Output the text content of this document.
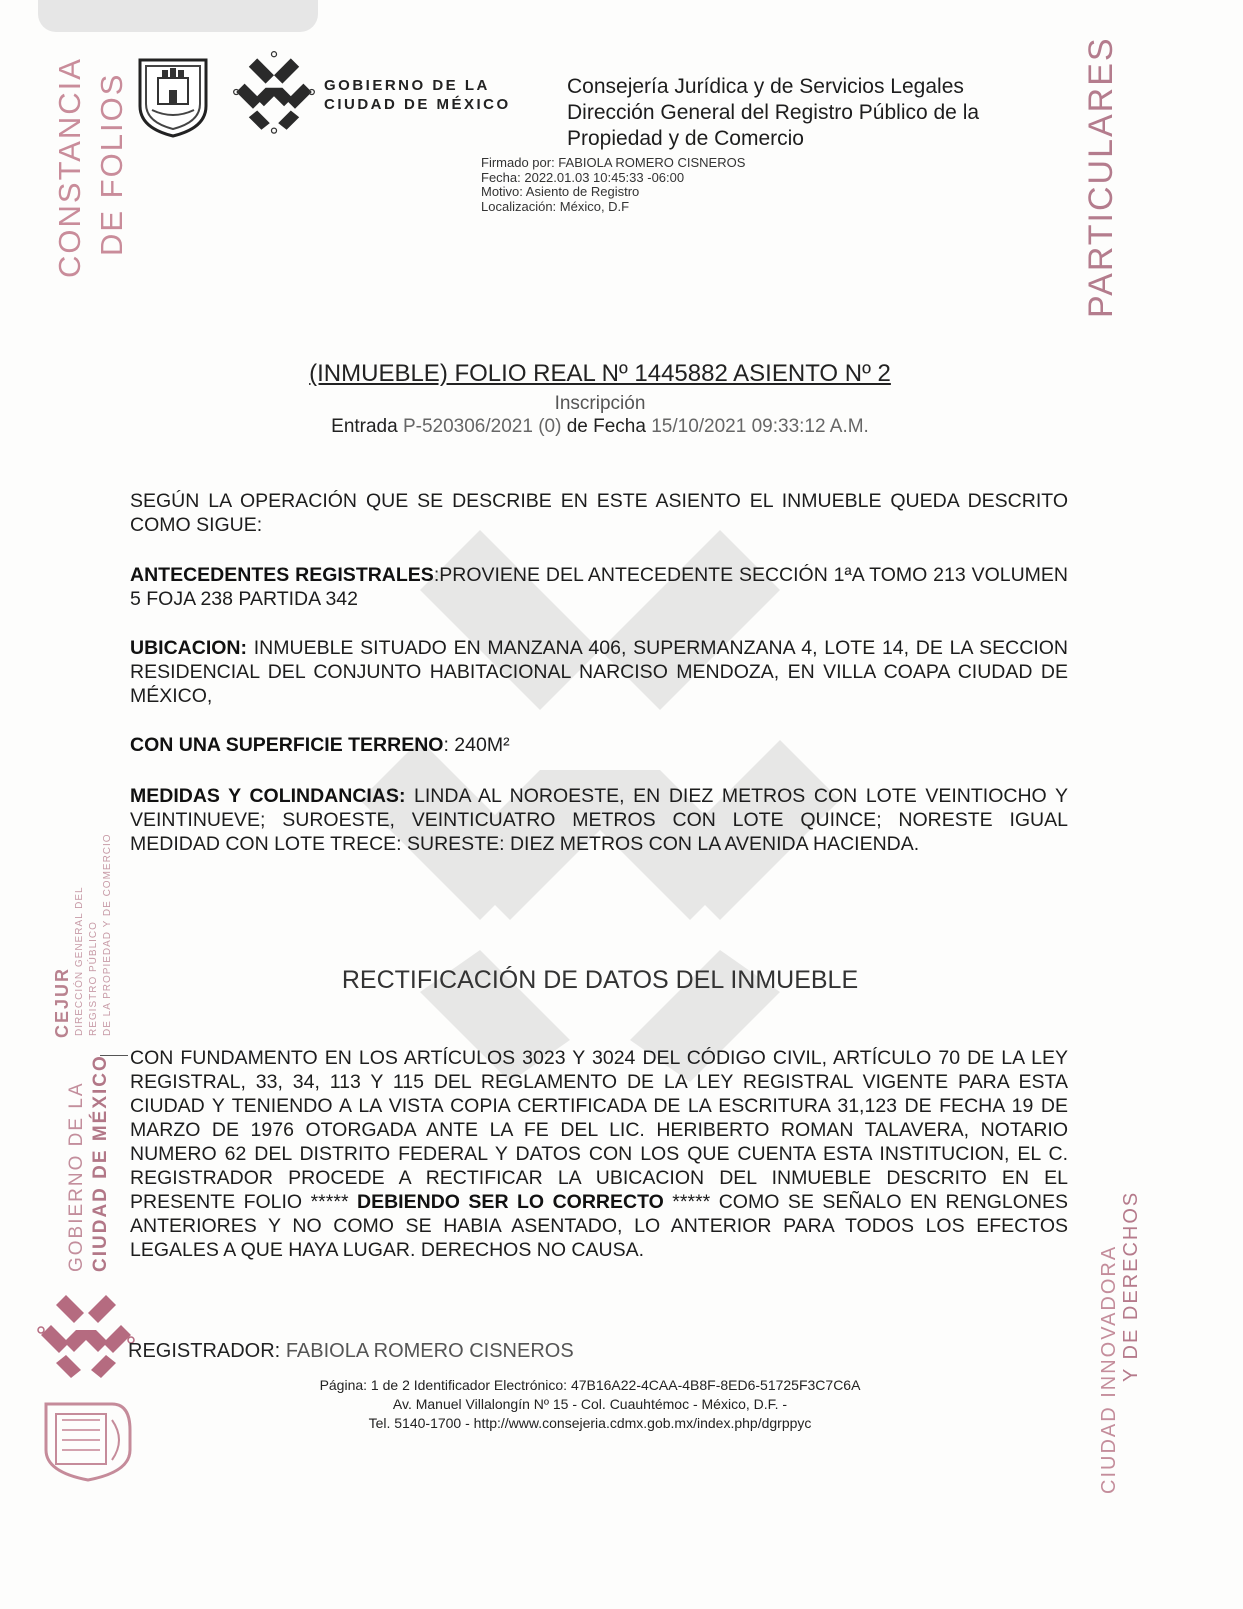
CONSTANCIA DE FOLIOS	PARTICULARES
CEJUR DIRECCIÓN GENERAL DEL REGISTRO PÚBLICO DE LA PROPIEDAD Y DE COMERCIO
GOBIERNO DE LA CIUDAD DE MÉXICO
CIUDAD INNOVADORA Y DE DERECHOS
GOBIERNO DE LA
CIUDAD DE MÉXICO
Consejería Jurídica y de Servicios Legales
Dirección General del Registro Público de la
Propiedad y de Comercio
Firmado por: FABIOLA ROMERO CISNEROS
Fecha: 2022.01.03 10:45:33 -06:00
Motivo: Asiento de Registro
Localización: México, D.F
(INMUEBLE) FOLIO REAL Nº 1445882 ASIENTO Nº 2
Inscripción
Entrada P-520306/2021 (0) de Fecha 15/10/2021 09:33:12 A.M.
SEGÚN LA OPERACIÓN QUE SE DESCRIBE EN ESTE ASIENTO EL INMUEBLE QUEDA DESCRITO COMO SIGUE:
ANTECEDENTES REGISTRALES:PROVIENE DEL ANTECEDENTE SECCIÓN 1ªA TOMO 213 VOLUMEN 5 FOJA 238 PARTIDA 342
UBICACION: INMUEBLE SITUADO EN MANZANA 406, SUPERMANZANA 4, LOTE 14, DE LA SECCION RESIDENCIAL DEL CONJUNTO HABITACIONAL NARCISO MENDOZA, EN VILLA COAPA CIUDAD DE MÉXICO,
CON UNA SUPERFICIE TERRENO: 240M²
MEDIDAS Y COLINDANCIAS: LINDA AL NOROESTE, EN DIEZ METROS CON LOTE VEINTIOCHO Y VEINTINUEVE; SUROESTE, VEINTICUATRO METROS CON LOTE QUINCE; NORESTE IGUAL MEDIDAD CON LOTE TRECE: SURESTE: DIEZ METROS CON LA AVENIDA HACIENDA.
RECTIFICACIÓN DE DATOS DEL INMUEBLE
CON FUNDAMENTO EN LOS ARTÍCULOS 3023 Y 3024 DEL CÓDIGO CIVIL, ARTÍCULO 70 DE LA LEY REGISTRAL, 33, 34, 113 Y 115 DEL REGLAMENTO DE LA LEY REGISTRAL VIGENTE PARA ESTA CIUDAD Y TENIENDO A LA VISTA COPIA CERTIFICADA DE LA ESCRITURA 31,123 DE FECHA 19 DE MARZO DE 1976 OTORGADA ANTE LA FE DEL LIC. HERIBERTO ROMAN TALAVERA, NOTARIO NUMERO 62 DEL DISTRITO FEDERAL Y DATOS CON LOS QUE CUENTA ESTA INSTITUCION, EL C. REGISTRADOR PROCEDE A RECTIFICAR LA UBICACION DEL INMUEBLE DESCRITO EN EL PRESENTE FOLIO ***** DEBIENDO SER LO CORRECTO ***** COMO SE SEÑALO EN RENGLONES ANTERIORES Y NO COMO SE HABIA ASENTADO, LO ANTERIOR PARA TODOS LOS EFECTOS LEGALES A QUE HAYA LUGAR. DERECHOS NO CAUSA.
REGISTRADOR: FABIOLA ROMERO CISNEROS
Página: 1 de 2 Identificador Electrónico: 47B16A22-4CAA-4B8F-8ED6-51725F3C7C6A
Av. Manuel Villalongín Nº 15 - Col. Cuauhtémoc - México, D.F. -
Tel. 5140-1700 - http://www.consejeria.cdmx.gob.mx/index.php/dgrppyc
